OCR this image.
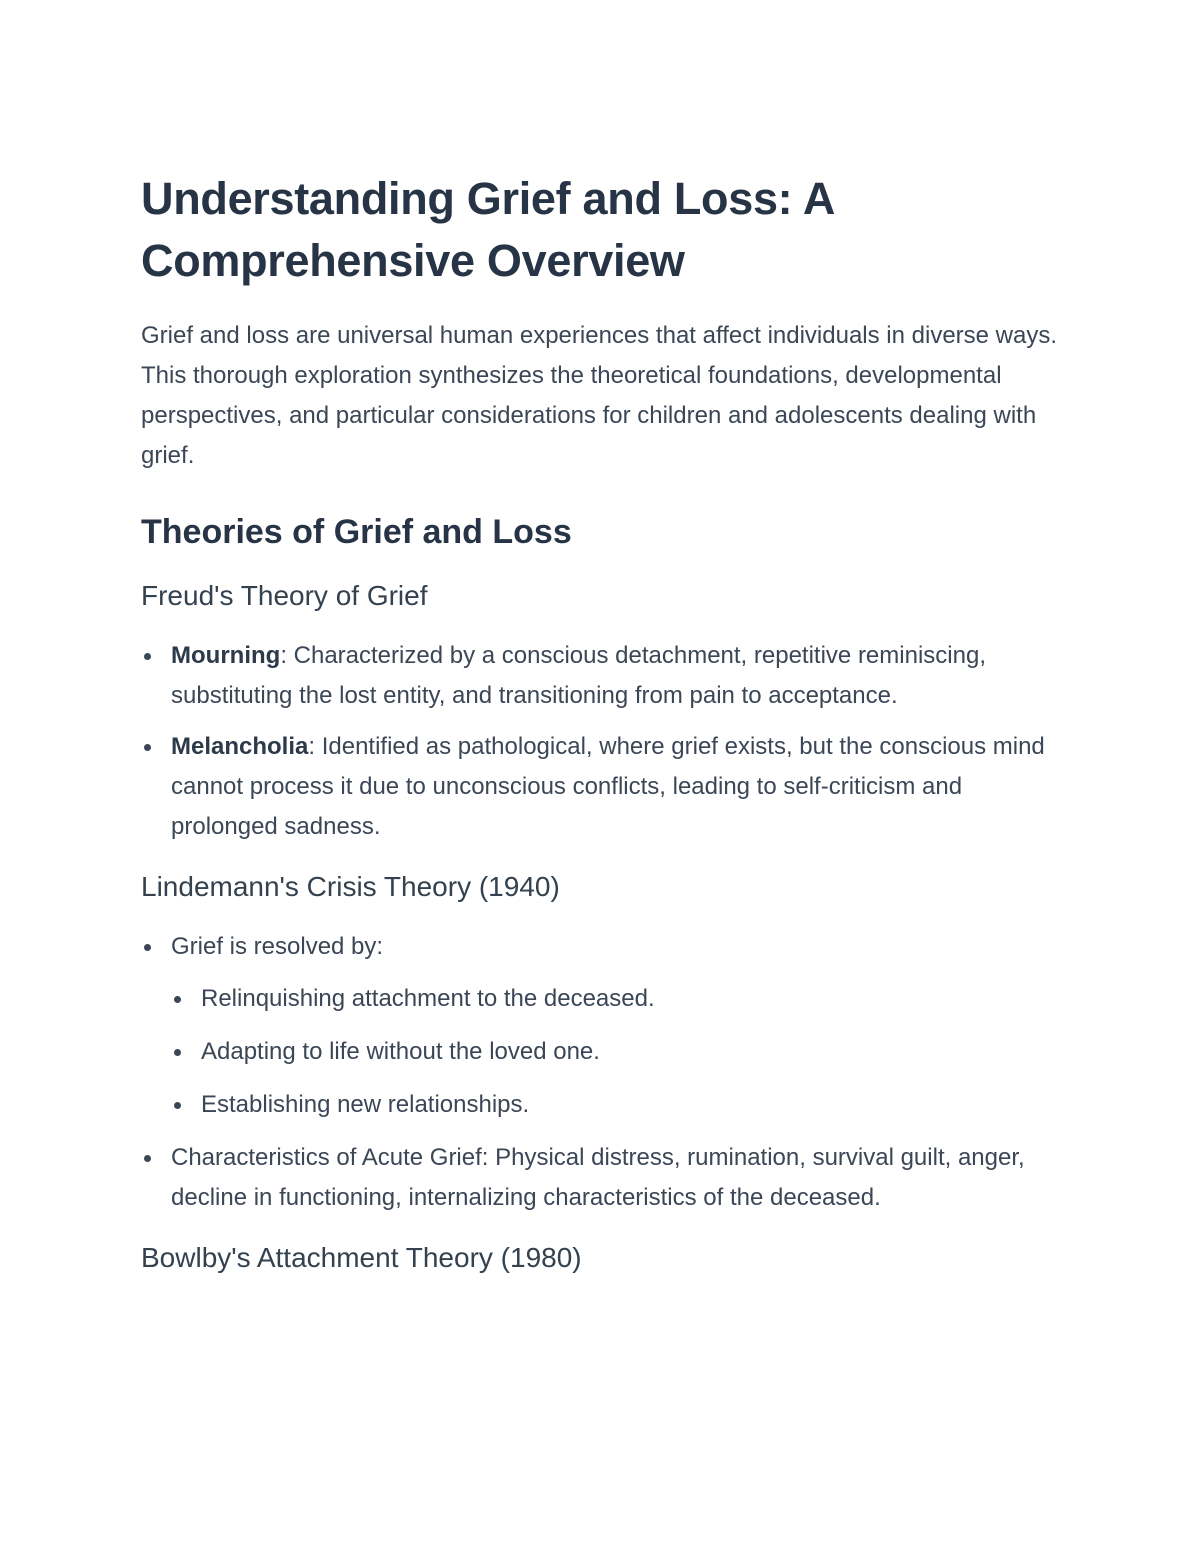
Understanding Grief and Loss: A Comprehensive Overview

Grief and loss are universal human experiences that affect individuals in diverse ways. This thorough exploration synthesizes the theoretical foundations, developmental perspectives, and particular considerations for children and adolescents dealing with grief.

Theories of Grief and Loss
Freud's Theory of Grief
Mourning: Characterized by a conscious detachment, repetitive reminiscing, substituting the lost entity, and transitioning from pain to acceptance.
Melancholia: Identified as pathological, where grief exists, but the conscious mind cannot process it due to unconscious conflicts, leading to self-criticism and prolonged sadness.
Lindemann's Crisis Theory (1940)
Grief is resolved by:
Relinquishing attachment to the deceased.
Adapting to life without the loved one.
Establishing new relationships.
Characteristics of Acute Grief: Physical distress, rumination, survival guilt, anger, decline in functioning, internalizing characteristics of the deceased.
Bowlby's Attachment Theory (1980)
